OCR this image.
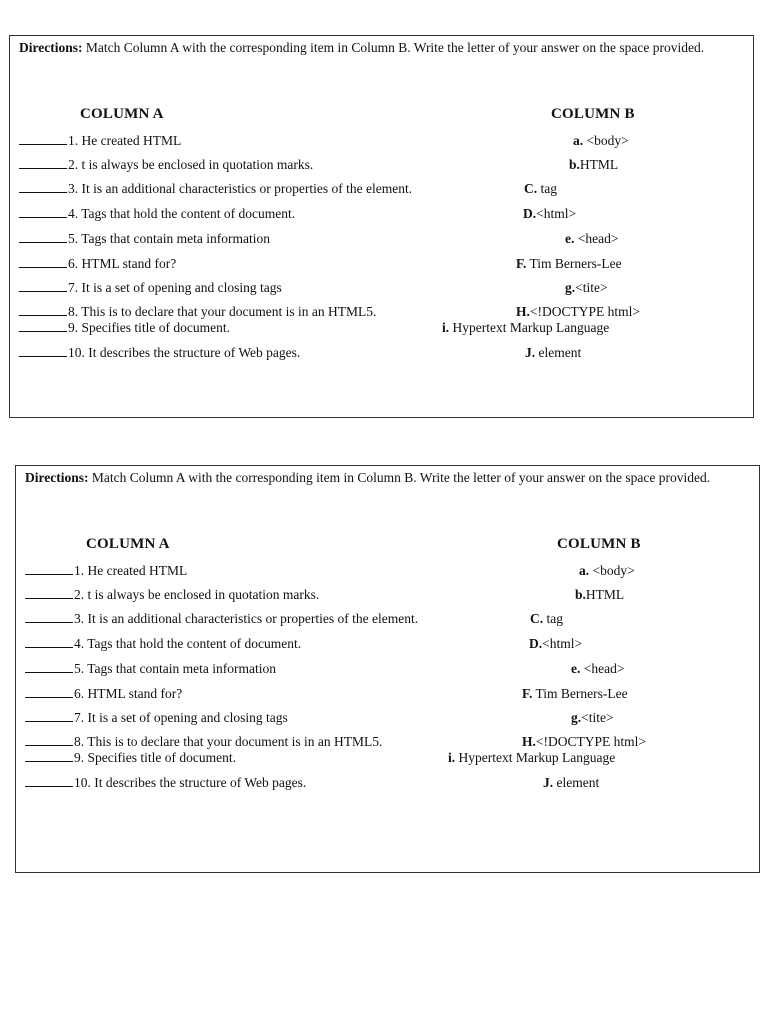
Directions: Match Column A with the corresponding item in Column B. Write the letter of your answer on the space provided.
COLUMN A	COLUMN B
1. He created HTML
2. t is always be enclosed in quotation marks.
3. It is an additional characteristics or properties of the element.
4. Tags that hold the content of document.
5. Tags that contain meta information
6. HTML stand for?
7. It is a set of opening and closing tags
8. This is to declare that your document is in an HTML5.
9. Specifies title of document.
10. It describes the structure of Web pages.
a. <body>
b.HTML
C. tag
D.<html>
e. <head>
F. Tim Berners-Lee
g.<tite>
H.<!DOCTYPE html>
i. Hypertext Markup Language
J. element
Directions: Match Column A with the corresponding item in Column B. Write the letter of your answer on the space provided.
COLUMN A	COLUMN B
1. He created HTML
2. t is always be enclosed in quotation marks.
3. It is an additional characteristics or properties of the element.
4. Tags that hold the content of document.
5. Tags that contain meta information
6. HTML stand for?
7. It is a set of opening and closing tags
8. This is to declare that your document is in an HTML5.
9. Specifies title of document.
10. It describes the structure of Web pages.
a. <body>
b.HTML
C. tag
D.<html>
e. <head>
F. Tim Berners-Lee
g.<tite>
H.<!DOCTYPE html>
i. Hypertext Markup Language
J. element
